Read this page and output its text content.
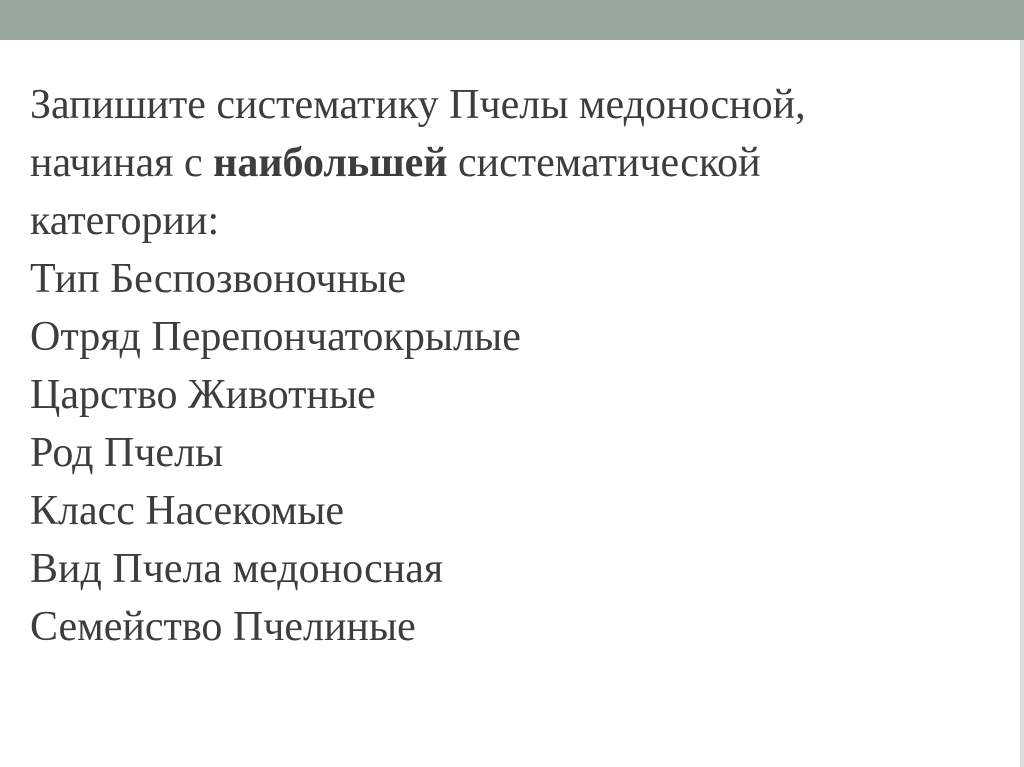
Запишите систематику Пчелы медоносной,
начиная с наибольшей систематической
категории:
Тип Беспозвоночные
Отряд Перепончатокрылые
Царство Животные
Род Пчелы
Класс Насекомые
Вид Пчела медоносная
Семейство Пчелиные
